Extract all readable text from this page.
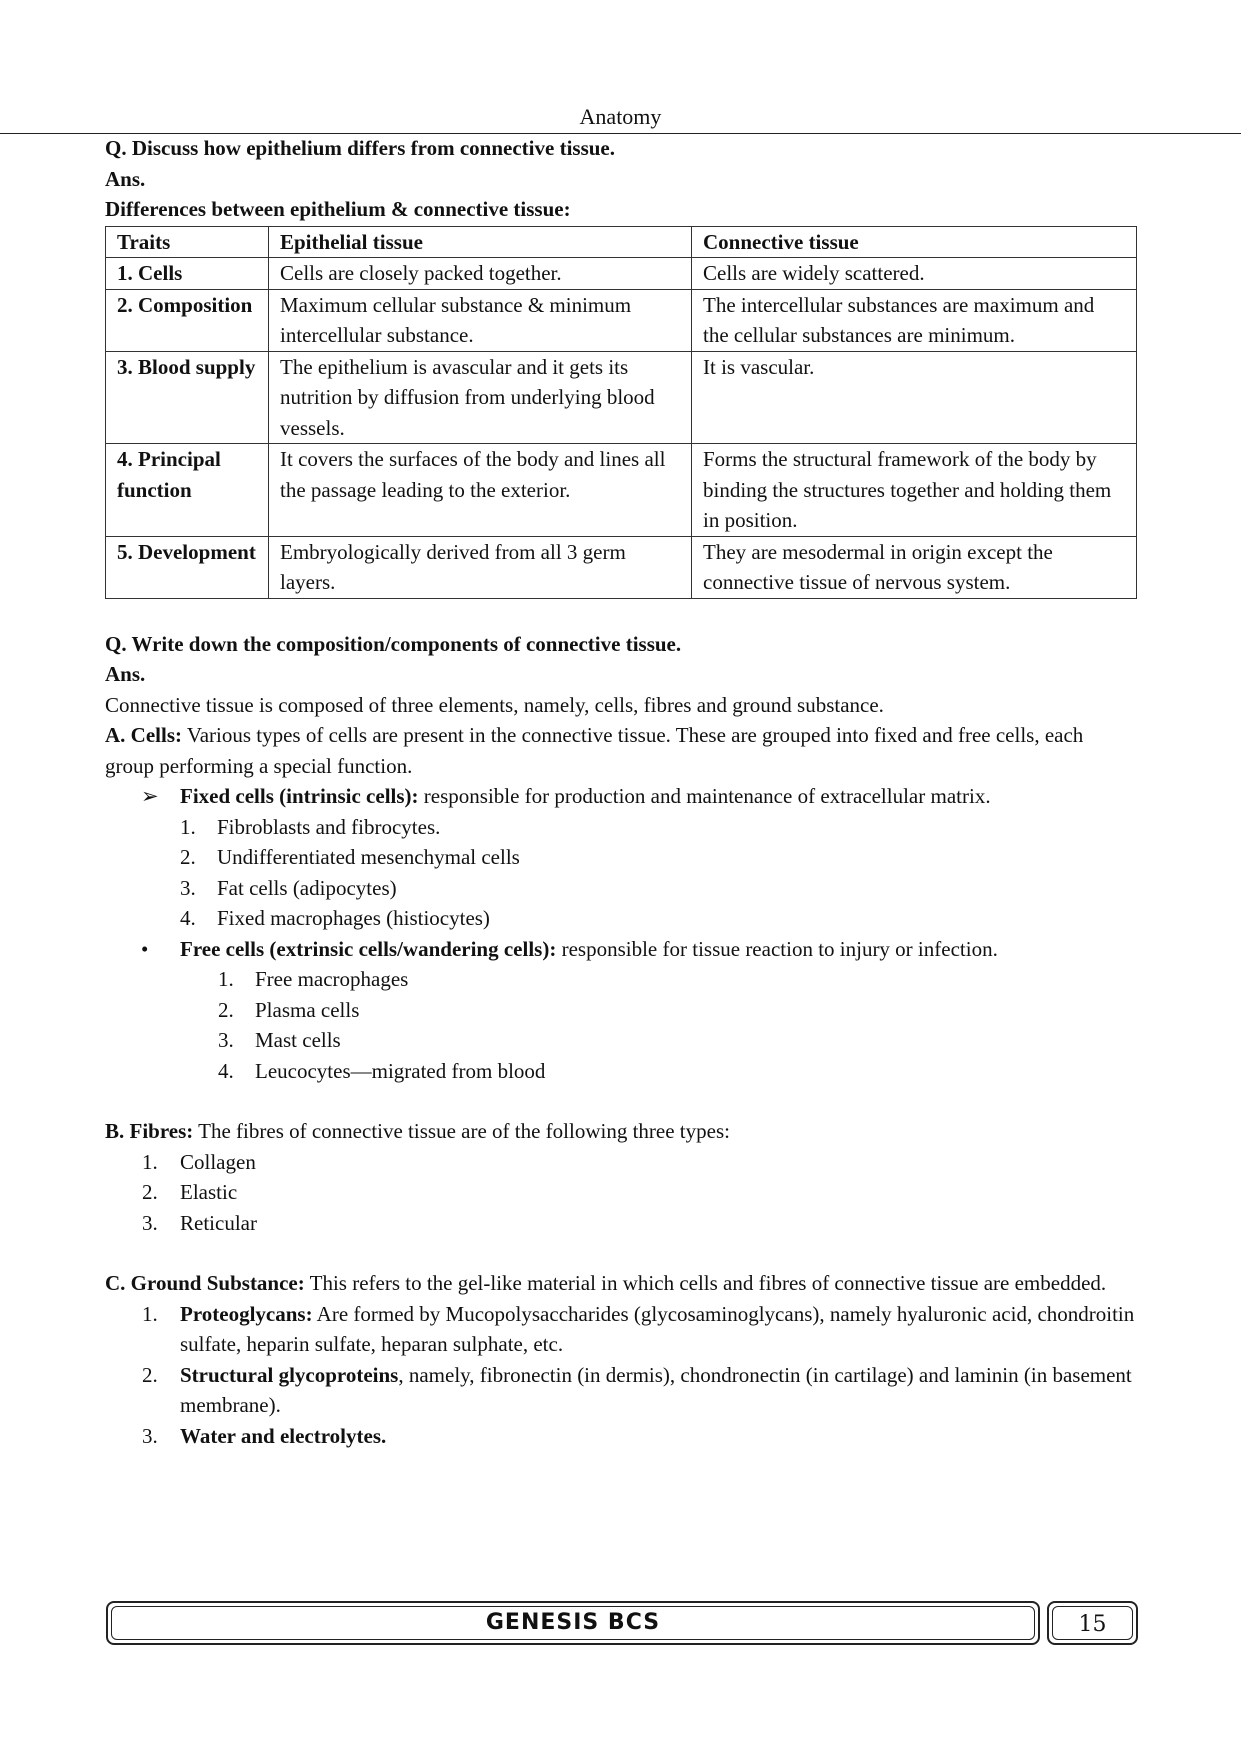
Anatomy

Q. Discuss how epithelium differs from connective tissue.

Ans.

Differences between epithelium & connective tissue:

Traits	Epithelial tissue	Connective tissue
1. Cells	Cells are closely packed together.	Cells are widely scattered.
2. Composition	Maximum cellular substance & minimum intercellular substance.	The intercellular substances are maximum and the cellular substances are minimum.
3. Blood supply	The epithelium is avascular and it gets its nutrition by diffusion from underlying blood vessels.	It is vascular.
4. Principal function	It covers the surfaces of the body and lines all the passage leading to the exterior.	Forms the structural framework of the body by binding the structures together and holding them in position.
5. Development	Embryologically derived from all 3 germ layers.	They are mesodermal in origin except the connective tissue of nervous system.

Q. Write down the composition/components of connective tissue.

Ans.

Connective tissue is composed of three elements, namely, cells, fibres and ground substance.

A. Cells: Various types of cells are present in the connective tissue. These are grouped into fixed and free cells, each group performing a special function.

➢	Fixed cells (intrinsic cells): responsible for production and maintenance of extracellular matrix.
1.	Fibroblasts and fibrocytes.
2.	Undifferentiated mesenchymal cells
3.	Fat cells (adipocytes)
4.	Fixed macrophages (histiocytes)
•	Free cells (extrinsic cells/wandering cells): responsible for tissue reaction to injury or infection.
1.	Free macrophages
2.	Plasma cells
3.	Mast cells
4.	Leucocytes—migrated from blood

B. Fibres: The fibres of connective tissue are of the following three types:

1.	Collagen
2.	Elastic
3.	Reticular

C. Ground Substance: This refers to the gel-like material in which cells and fibres of connective tissue are embedded.

1.	Proteoglycans: Are formed by Mucopolysaccharides (glycosaminoglycans), namely hyaluronic acid, chondroitin sulfate, heparin sulfate, heparan sulphate, etc.
2.	Structural glycoproteins, namely, fibronectin (in dermis), chondronectin (in cartilage) and laminin (in basement membrane).
3.	Water and electrolytes.
GENESIS BCS	15
